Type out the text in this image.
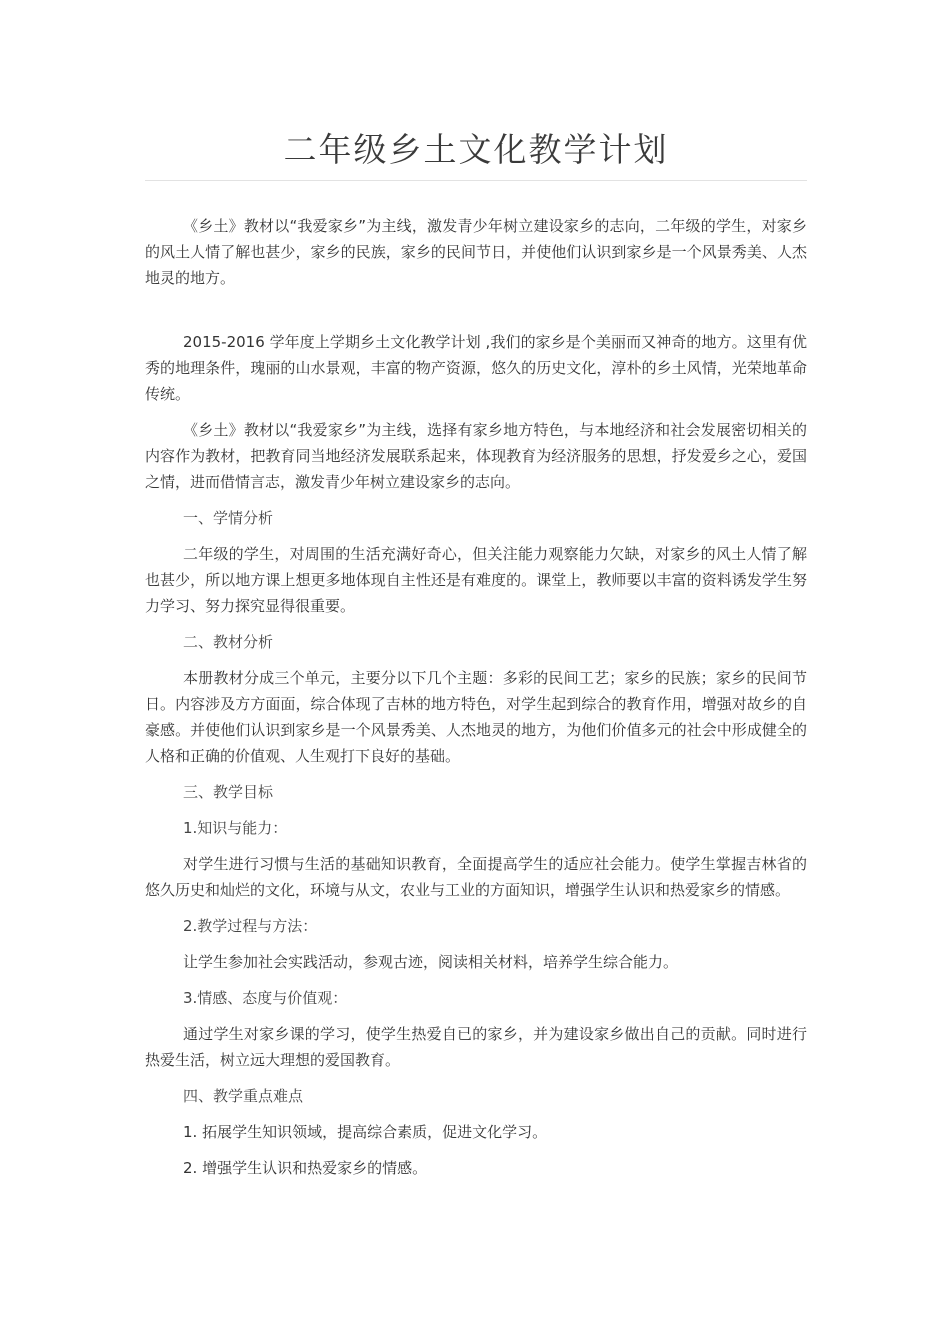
二年级乡土文化教学计划

《乡土》教材以“我爱家乡”为主线，激发青少年树立建设家乡的志向，二年级的学生，对家乡的风土人情了解也甚少，家乡的民族，家乡的民间节日，并使他们认识到家乡是一个风景秀美、人杰地灵的地方。

2015-2016 学年度上学期乡土文化教学计划 ,我们的家乡是个美丽而又神奇的地方。这里有优秀的地理条件，瑰丽的山水景观，丰富的物产资源，悠久的历史文化，淳朴的乡土风情，光荣地革命传统。

《乡土》教材以“我爱家乡”为主线，选择有家乡地方特色，与本地经济和社会发展密切相关的内容作为教材，把教育同当地经济发展联系起来，体现教育为经济服务的思想，抒发爱乡之心，爱国之情，进而借情言志，激发青少年树立建设家乡的志向。

一、学情分析

二年级的学生，对周围的生活充满好奇心，但关注能力观察能力欠缺，对家乡的风土人情了解也甚少，所以地方课上想更多地体现自主性还是有难度的。课堂上，教师要以丰富的资料诱发学生努力学习、努力探究显得很重要。

二、教材分析

本册教材分成三个单元，主要分以下几个主题：多彩的民间工艺；家乡的民族；家乡的民间节日。内容涉及方方面面，综合体现了吉林的地方特色，对学生起到综合的教育作用，增强对故乡的自豪感。并使他们认识到家乡是一个风景秀美、人杰地灵的地方，为他们价值多元的社会中形成健全的人格和正确的价值观、人生观打下良好的基础。

三、教学目标

1.知识与能力：

对学生进行习惯与生活的基础知识教育，全面提高学生的适应社会能力。使学生掌握吉林省的悠久历史和灿烂的文化，环境与从文，农业与工业的方面知识，增强学生认识和热爱家乡的情感。

2.教学过程与方法：

让学生参加社会实践活动，参观古迹，阅读相关材料，培养学生综合能力。

3.情感、态度与价值观：

通过学生对家乡课的学习，使学生热爱自已的家乡，并为建设家乡做出自己的贡献。同时进行热爱生活，树立远大理想的爱国教育。

四、教学重点难点

1. 拓展学生知识领域，提高综合素质，促进文化学习。

2. 增强学生认识和热爱家乡的情感。
